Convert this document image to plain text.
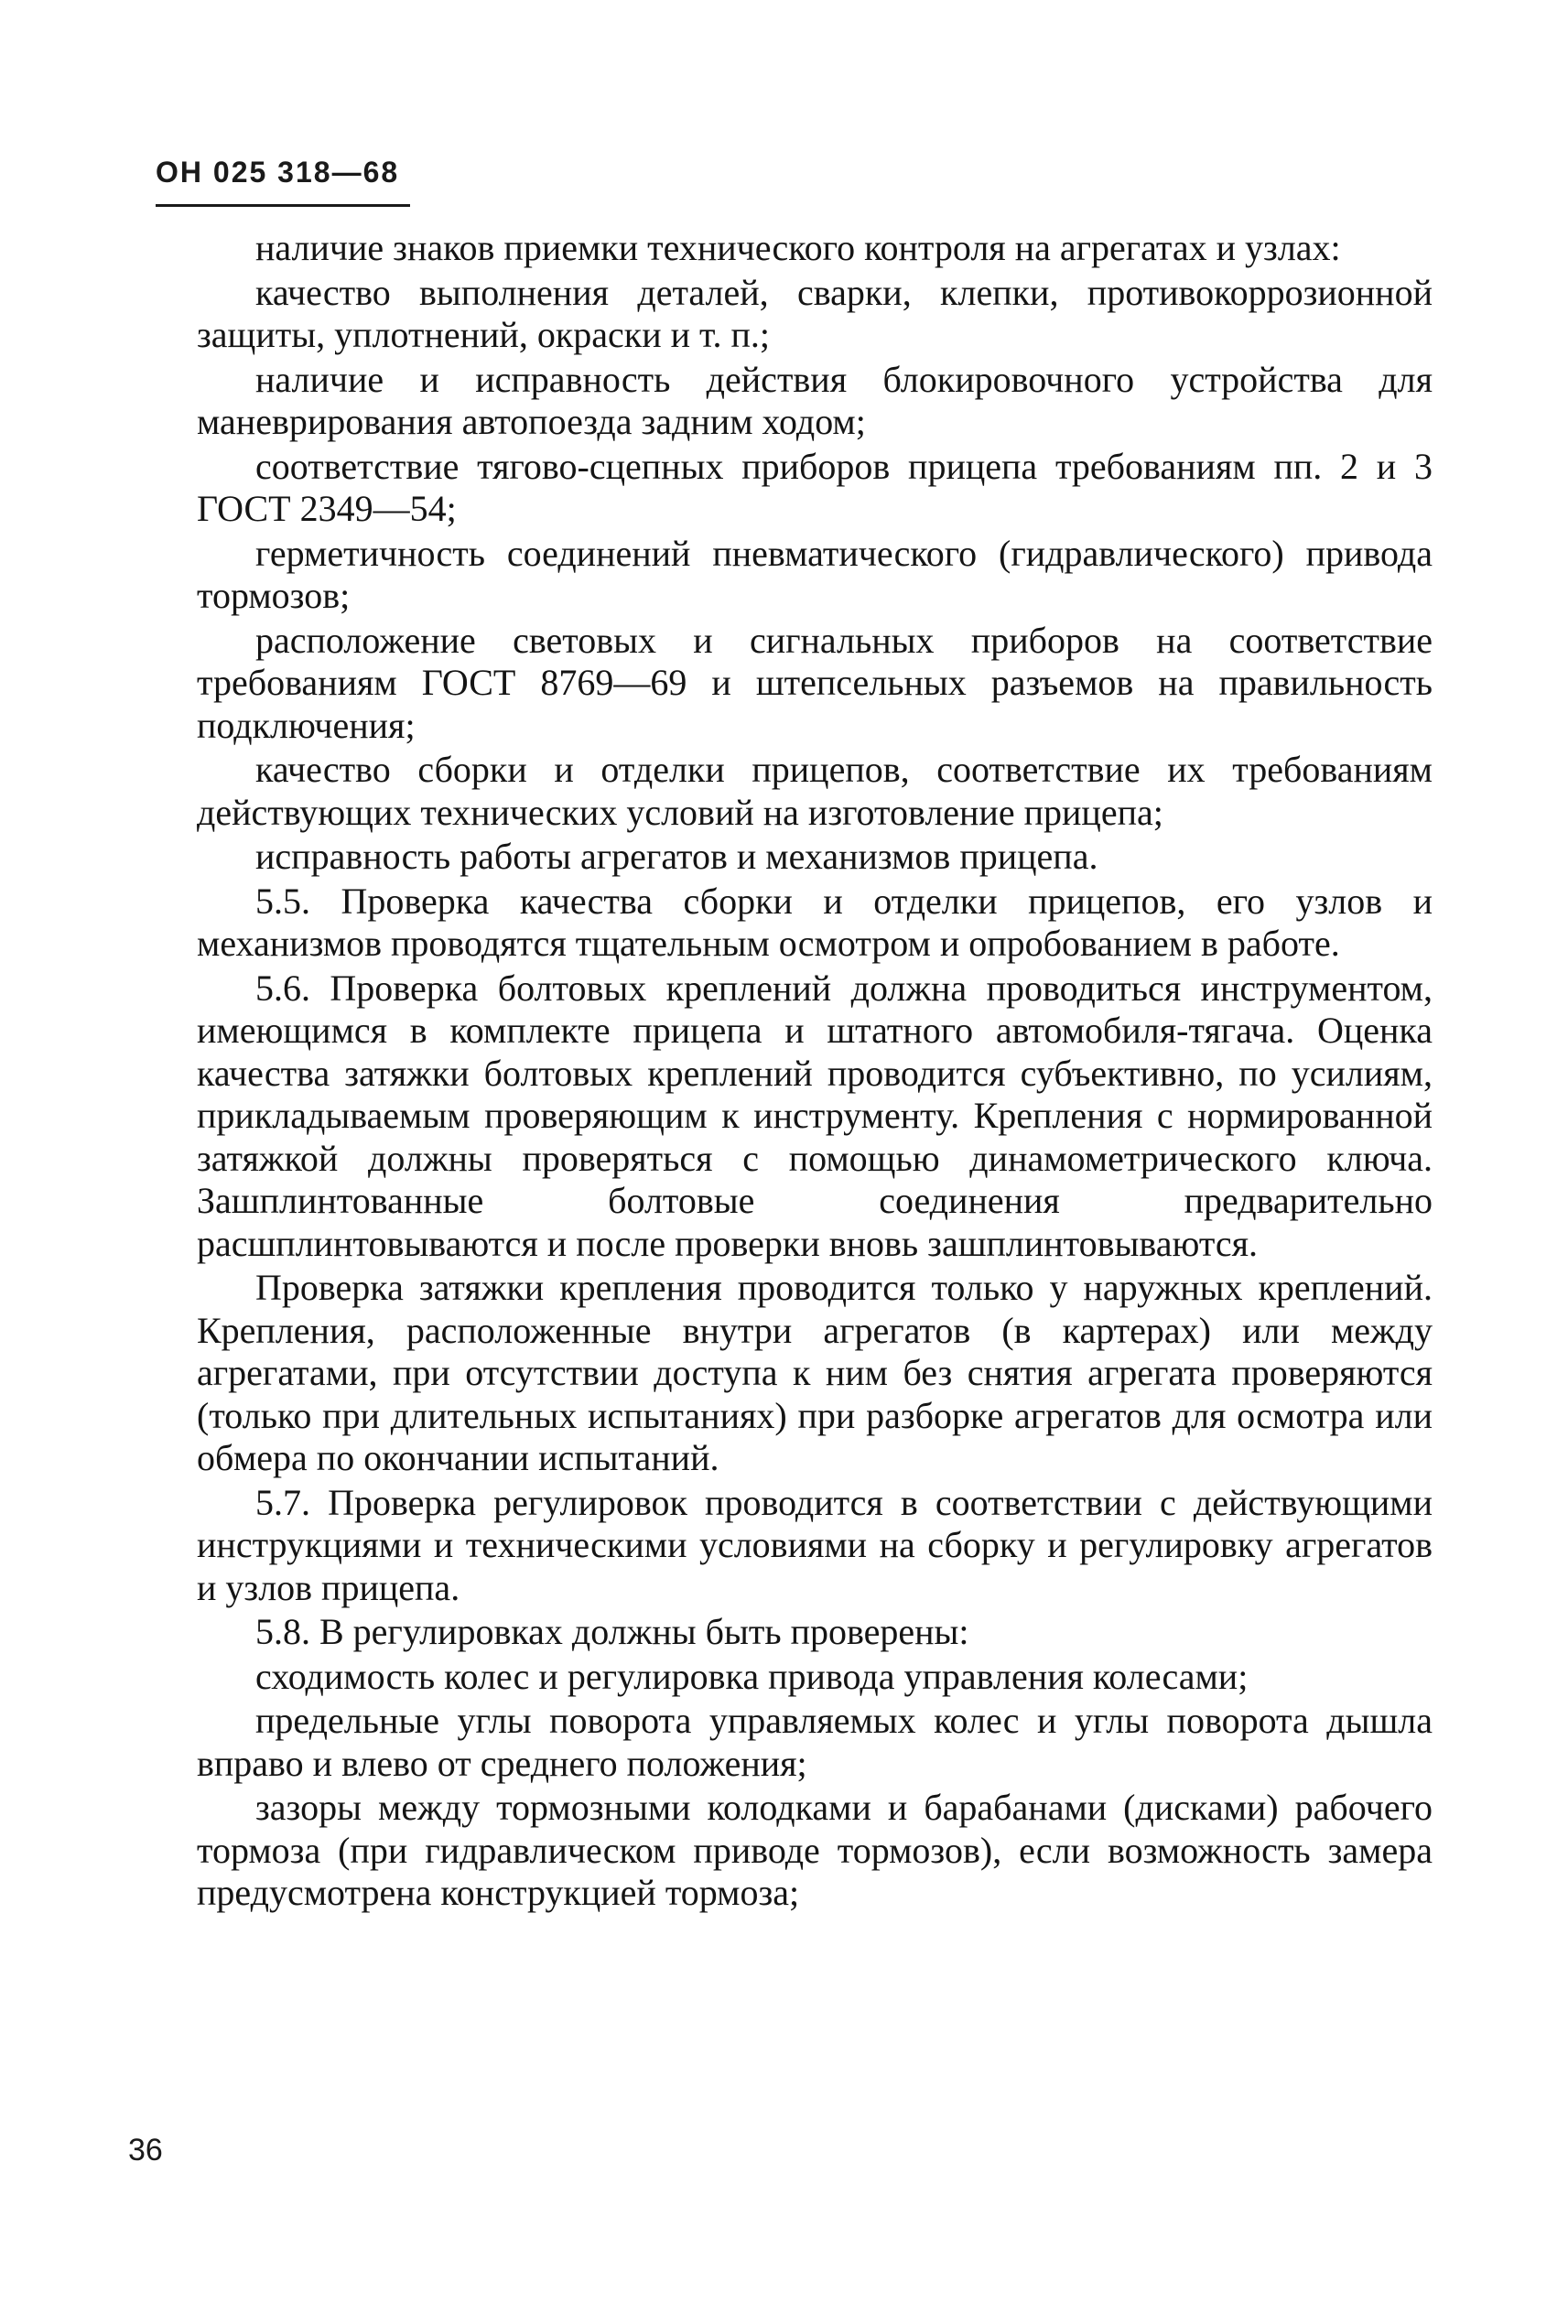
ОН 025 318—68

наличие знаков приемки технического контроля на агрегатах и узлах:

качество выполнения деталей, сварки, клепки, противокоррозионной защиты, уплотнений, окраски и т. п.;

наличие и исправность действия блокировочного устройства для маневрирования автопоезда задним ходом;

соответствие тягово-сцепных приборов прицепа требованиям пп. 2 и 3 ГОСТ 2349—54;

герметичность соединений пневматического (гидравлического) привода тормозов;

расположение световых и сигнальных приборов на соответствие требованиям ГОСТ 8769—69 и штепсельных разъемов на правильность подключения;

качество сборки и отделки прицепов, соответствие их требованиям действующих технических условий на изготовление прицепа;

исправность работы агрегатов и механизмов прицепа.

5.5. Проверка качества сборки и отделки прицепов, его узлов и механизмов проводятся тщательным осмотром и опробованием в работе.

5.6. Проверка болтовых креплений должна проводиться инструментом, имеющимся в комплекте прицепа и штатного автомобиля-тягача. Оценка качества затяжки болтовых креплений проводится субъективно, по усилиям, прикладываемым проверяющим к инструменту. Крепления с нормированной затяжкой должны проверяться с помощью динамометрического ключа. Зашплинтованные болтовые соединения предварительно расшплинтовываются и после проверки вновь зашплинтовываются.

Проверка затяжки крепления проводится только у наружных креплений. Крепления, расположенные внутри агрегатов (в картерах) или между агрегатами, при отсутствии доступа к ним без снятия агрегата проверяются (только при длительных испытаниях) при разборке агрегатов для осмотра или обмера по окончании испытаний.

5.7. Проверка регулировок проводится в соответствии с действующими инструкциями и техническими условиями на сборку и регулировку агрегатов и узлов прицепа.

5.8. В регулировках должны быть проверены:

сходимость колес и регулировка привода управления колесами;

предельные углы поворота управляемых колес и углы поворота дышла вправо и влево от среднего положения;

зазоры между тормозными колодками и барабанами (дисками) рабочего тормоза (при гидравлическом приводе тормозов), если возможность замера предусмотрена конструкцией тормоза;

36
